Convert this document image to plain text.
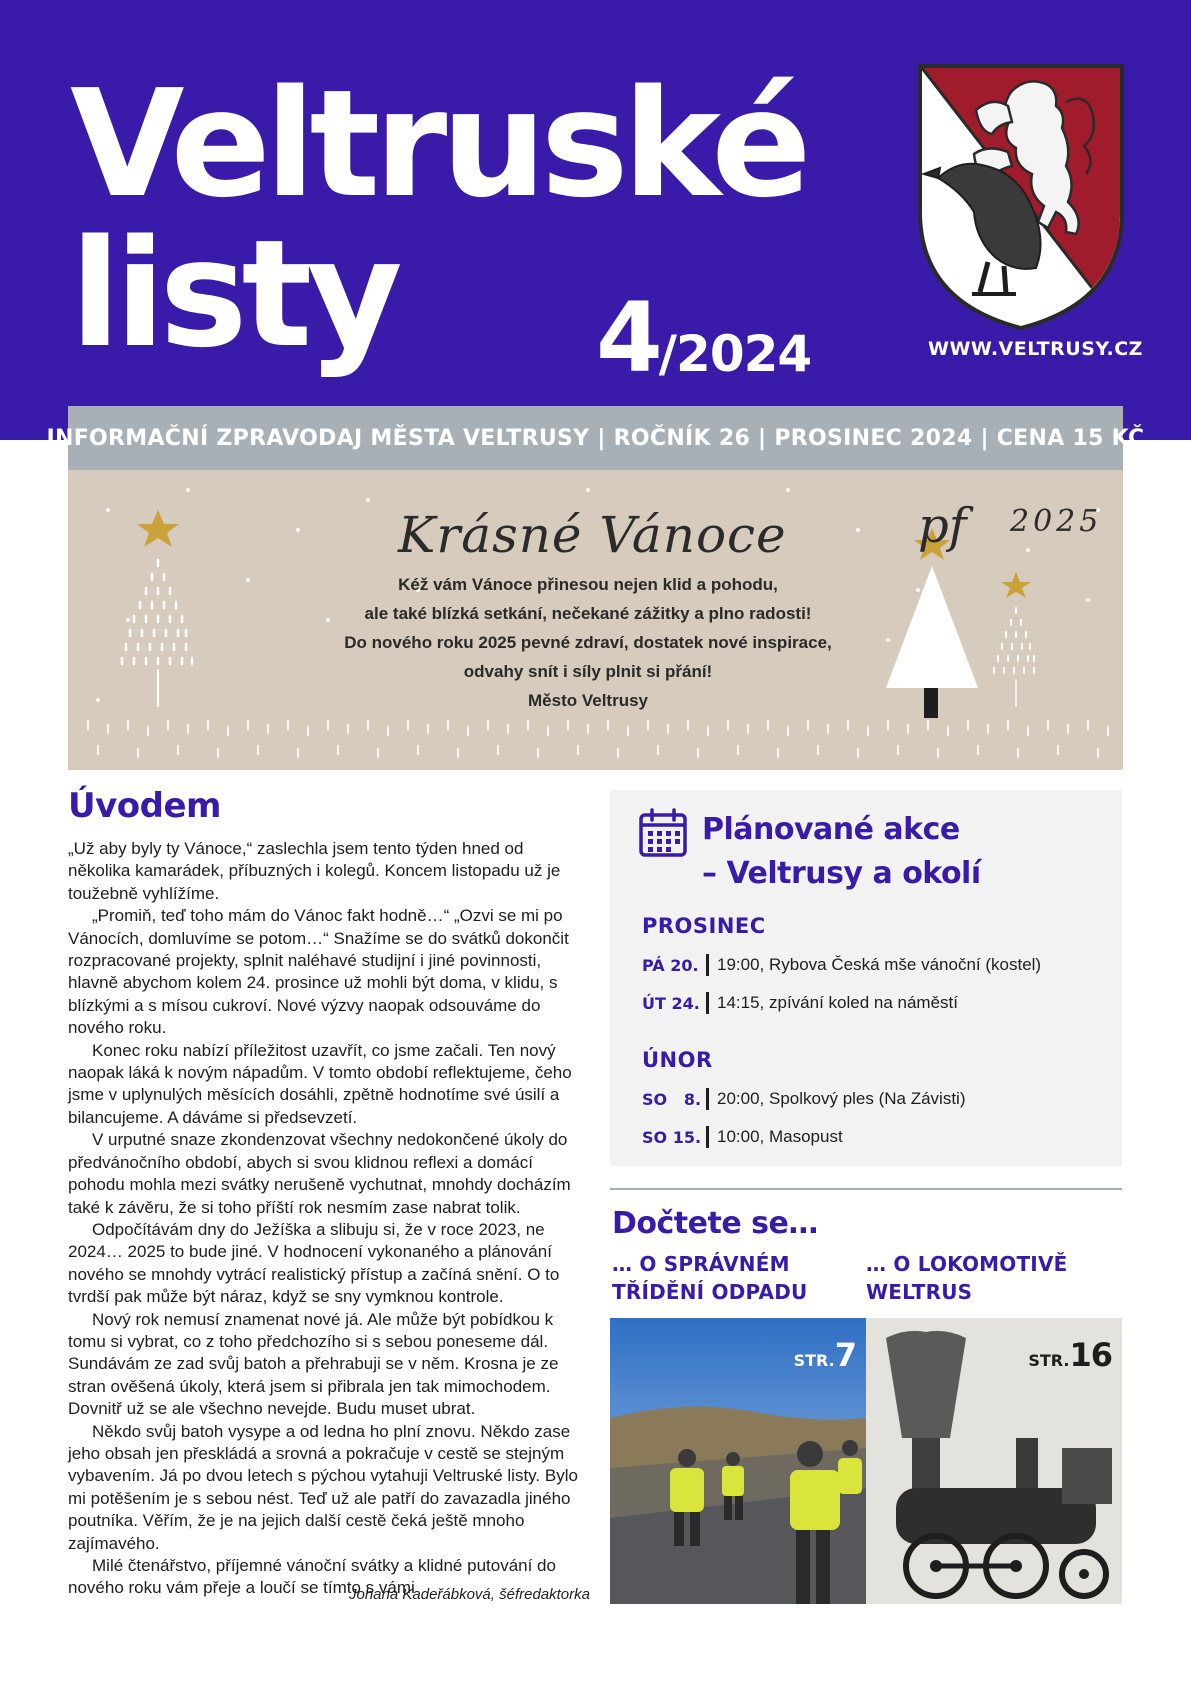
Veltruské
listy 4/2024	WWW.VELTRUSY.CZ
INFORMAČNÍ ZPRAVODAJ MĚSTA VELTRUSY | ROČNÍK 26 | PROSINEC 2024 | CENA 15 KČ
Krásné Vánoce	pf 2025
Kéž vám Vánoce přinesou nejen klid a pohodu,
ale také blízká setkání, nečekané zážitky a plno radosti!
Do nového roku 2025 pevné zdraví, dostatek nové inspirace,
odvahy snít i síly plnit si přání!
Město Veltrusy
Úvodem

„Už aby byly ty Vánoce,“ zaslechla jsem tento týden hned od několika kamarádek, příbuzných i kolegů. Koncem listopadu už je toužebně vyhlížíme.

„Promiň, teď toho mám do Vánoc fakt hodně…“ „Ozvi se mi po Vánocích, domluvíme se potom…“ Snažíme se do svátků dokončit rozpracované projekty, splnit naléhavé studijní i jiné povinnosti, hlavně abychom kolem 24. prosince už mohli být doma, v klidu, s blízkými a s mísou cukroví. Nové výzvy naopak odsouváme do nového roku.

Konec roku nabízí příležitost uzavřít, co jsme začali. Ten nový naopak láká k novým nápadům. V tomto období reflektujeme, čeho jsme v uplynulých měsících dosáhli, zpětně hodnotíme své úsilí a bilancujeme. A dáváme si předsevzetí.

V urputné snaze zkondenzovat všechny nedokončené úkoly do předvánočního období, abych si svou klidnou reflexi a domácí pohodu mohla mezi svátky nerušeně vychutnat, mnohdy docházím také k závěru, že si toho příští rok nesmím zase nabrat tolik.

Odpočítávám dny do Ježíška a slibuju si, že v roce 2023, ne 2024… 2025 to bude jiné. V hodnocení vykonaného a plánování nového se mnohdy vytrácí realistický přístup a začíná snění. O to tvrdší pak může být náraz, když se sny vymknou kontrole.

Nový rok nemusí znamenat nové já. Ale může být pobídkou k tomu si vybrat, co z toho předchozího si s sebou poneseme dál. Sundávám ze zad svůj batoh a přehrabuji se v něm. Krosna je ze stran ověšená úkoly, která jsem si přibrala jen tak mimochodem. Dovnitř už se ale všechno nevejde. Budu muset ubrat.

Někdo svůj batoh vysype a od ledna ho plní znovu. Někdo zase jeho obsah jen přeskládá a srovná a pokračuje v cestě se stejným vybavením. Já po dvou letech s pýchou vytahuji Veltruské listy. Bylo mi potěšením je s sebou nést. Teď už ale patří do zavazadla jiného poutníka. Věřím, že je na jejich další cestě čeká ještě mnoho zajímavého.

Milé čtenářstvo, příjemné vánoční svátky a klidné putování do nového roku vám přeje a loučí se tímto s vámi

Johana Kadeřábková, šéfredaktorka
Plánované akce
– Veltrusy a okolí
PROSINEC
PÁ 20.	19:00, Rybova Česká mše vánoční (kostel)
ÚT 24.	14:15, zpívání koled na náměstí
ÚNOR
SO   8. 20:00, Spolkový ples (Na Závisti)
SO 15. 10:00, Masopust
Dočtete se…
… O SPRÁVNÉM
TŘÍDĚNÍ ODPADU
… O LOKOMOTIVĚ
WELTRUS
STR.7	STR.16
